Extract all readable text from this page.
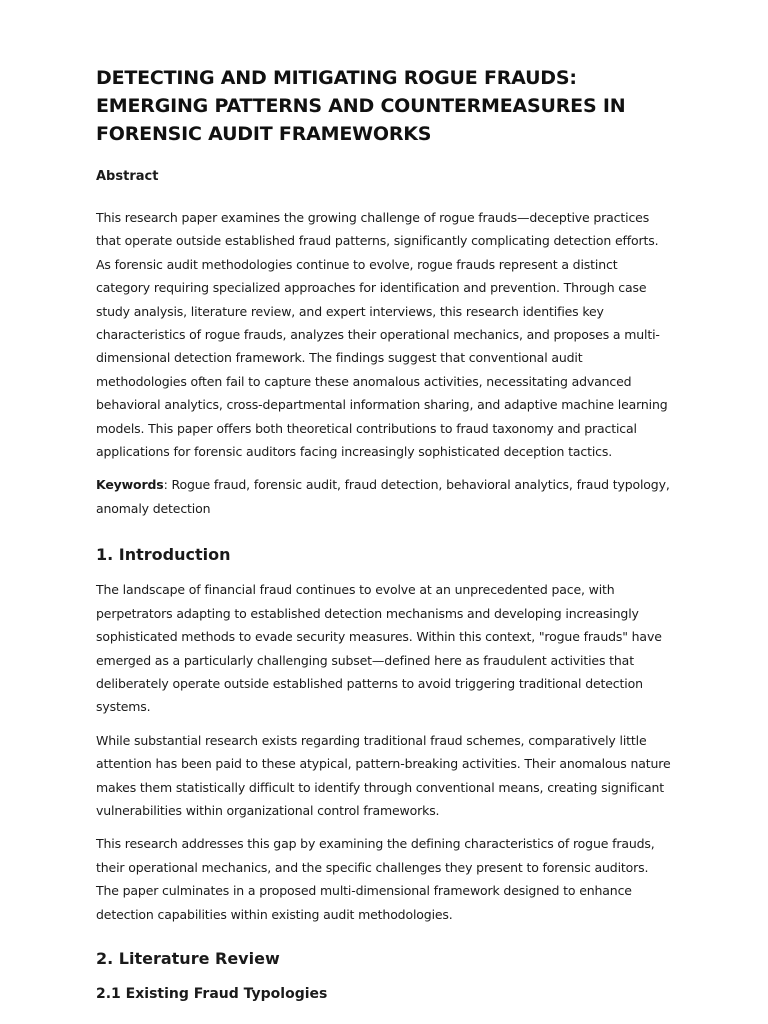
DETECTING AND MITIGATING ROGUE FRAUDS: EMERGING PATTERNS AND COUNTERMEASURES IN FORENSIC AUDIT FRAMEWORKS
Abstract

This research paper examines the growing challenge of rogue frauds—deceptive practices that operate outside established fraud patterns, significantly complicating detection efforts. As forensic audit methodologies continue to evolve, rogue frauds represent a distinct category requiring specialized approaches for identification and prevention. Through case study analysis, literature review, and expert interviews, this research identifies key characteristics of rogue frauds, analyzes their operational mechanics, and proposes a multi-dimensional detection framework. The findings suggest that conventional audit methodologies often fail to capture these anomalous activities, necessitating advanced behavioral analytics, cross-departmental information sharing, and adaptive machine learning models. This paper offers both theoretical contributions to fraud taxonomy and practical applications for forensic auditors facing increasingly sophisticated deception tactics.

Keywords: Rogue fraud, forensic audit, fraud detection, behavioral analytics, fraud typology, anomaly detection

1. Introduction

The landscape of financial fraud continues to evolve at an unprecedented pace, with perpetrators adapting to established detection mechanisms and developing increasingly sophisticated methods to evade security measures. Within this context, "rogue frauds" have emerged as a particularly challenging subset—defined here as fraudulent activities that deliberately operate outside established patterns to avoid triggering traditional detection systems.

While substantial research exists regarding traditional fraud schemes, comparatively little attention has been paid to these atypical, pattern-breaking activities. Their anomalous nature makes them statistically difficult to identify through conventional means, creating significant vulnerabilities within organizational control frameworks.

This research addresses this gap by examining the defining characteristics of rogue frauds, their operational mechanics, and the specific challenges they present to forensic auditors. The paper culminates in a proposed multi-dimensional framework designed to enhance detection capabilities within existing audit methodologies.

2. Literature Review
2.1 Existing Fraud Typologies
